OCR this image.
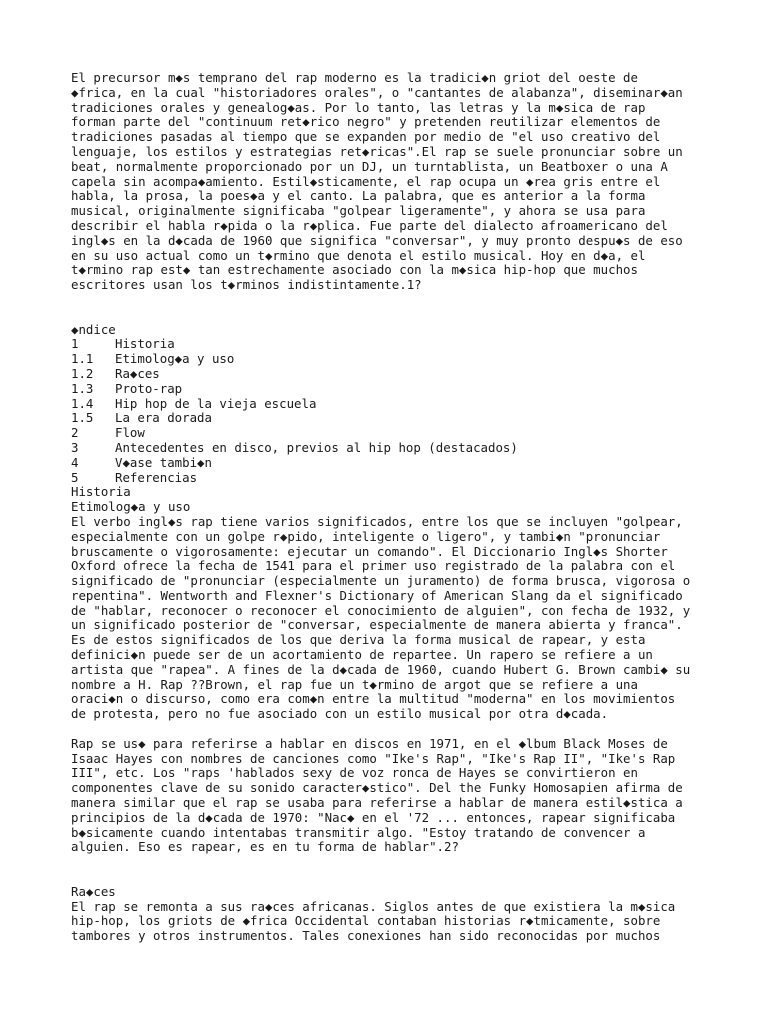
El precursor m◆s temprano del rap moderno es la tradici◆n griot del oeste de
◆frica, en la cual "historiadores orales", o "cantantes de alabanza", diseminar◆an
tradiciones orales y genealog◆as. Por lo tanto, las letras y la m◆sica de rap
forman parte del "continuum ret◆rico negro" y pretenden reutilizar elementos de
tradiciones pasadas al tiempo que se expanden por medio de "el uso creativo del
lenguaje, los estilos y estrategias ret◆ricas".El rap se suele pronunciar sobre un
beat, normalmente proporcionado por un DJ, un turntablista, un Beatboxer o una A
capela sin acompa◆amiento. Estil◆sticamente, el rap ocupa un ◆rea gris entre el
habla, la prosa, la poes◆a y el canto. La palabra, que es anterior a la forma
musical, originalmente significaba "golpear ligeramente", y ahora se usa para
describir el habla r◆pida o la r◆plica. Fue parte del dialecto afroamericano del
ingl◆s en la d◆cada de 1960 que significa "conversar", y muy pronto despu◆s de eso
en su uso actual como un t◆rmino que denota el estilo musical. Hoy en d◆a, el
t◆rmino rap est◆ tan estrechamente asociado con la m◆sica hip-hop que muchos
escritores usan los t◆rminos indistintamente.1?
◆ndice
1	Historia
1.1 Etimolog◆a y uso
1.2 Ra◆ces
1.3 Proto-rap
1.4 Hip hop de la vieja escuela
1.5 La era dorada
2	Flow
3	Antecedentes en disco, previos al hip hop (destacados)
4	V◆ase tambi◆n
5	Referencias
Historia
Etimolog◆a y uso
El verbo ingl◆s rap tiene varios significados, entre los que se incluyen "golpear,
especialmente con un golpe r◆pido, inteligente o ligero", y tambi◆n "pronunciar
bruscamente o vigorosamente: ejecutar un comando". El Diccionario Ingl◆s Shorter
Oxford ofrece la fecha de 1541 para el primer uso registrado de la palabra con el
significado de "pronunciar (especialmente un juramento) de forma brusca, vigorosa o
repentina". Wentworth and Flexner's Dictionary of American Slang da el significado
de "hablar, reconocer o reconocer el conocimiento de alguien", con fecha de 1932, y
un significado posterior de "conversar, especialmente de manera abierta y franca".
Es de estos significados de los que deriva la forma musical de rapear, y esta
definici◆n puede ser de un acortamiento de repartee. Un rapero se refiere a un
artista que "rapea". A fines de la d◆cada de 1960, cuando Hubert G. Brown cambi◆ su
nombre a H. Rap ??Brown, el rap fue un t◆rmino de argot que se refiere a una
oraci◆n o discurso, como era com◆n entre la multitud "moderna" en los movimientos
de protesta, pero no fue asociado con un estilo musical por otra d◆cada.
Rap se us◆ para referirse a hablar en discos en 1971, en el ◆lbum Black Moses de
Isaac Hayes con nombres de canciones como "Ike's Rap", "Ike's Rap II", "Ike's Rap
III", etc. Los "raps 'hablados sexy de voz ronca de Hayes se convirtieron en
componentes clave de su sonido caracter◆stico". Del the Funky Homosapien afirma de
manera similar que el rap se usaba para referirse a hablar de manera estil◆stica a
principios de la d◆cada de 1970: "Nac◆ en el '72 ... entonces, rapear significaba
b◆sicamente cuando intentabas transmitir algo. "Estoy tratando de convencer a
alguien. Eso es rapear, es en tu forma de hablar".2?
Ra◆ces
El rap se remonta a sus ra◆ces africanas. Siglos antes de que existiera la m◆sica
hip-hop, los griots de ◆frica Occidental contaban historias r◆tmicamente, sobre
tambores y otros instrumentos. Tales conexiones han sido reconocidas por muchos
